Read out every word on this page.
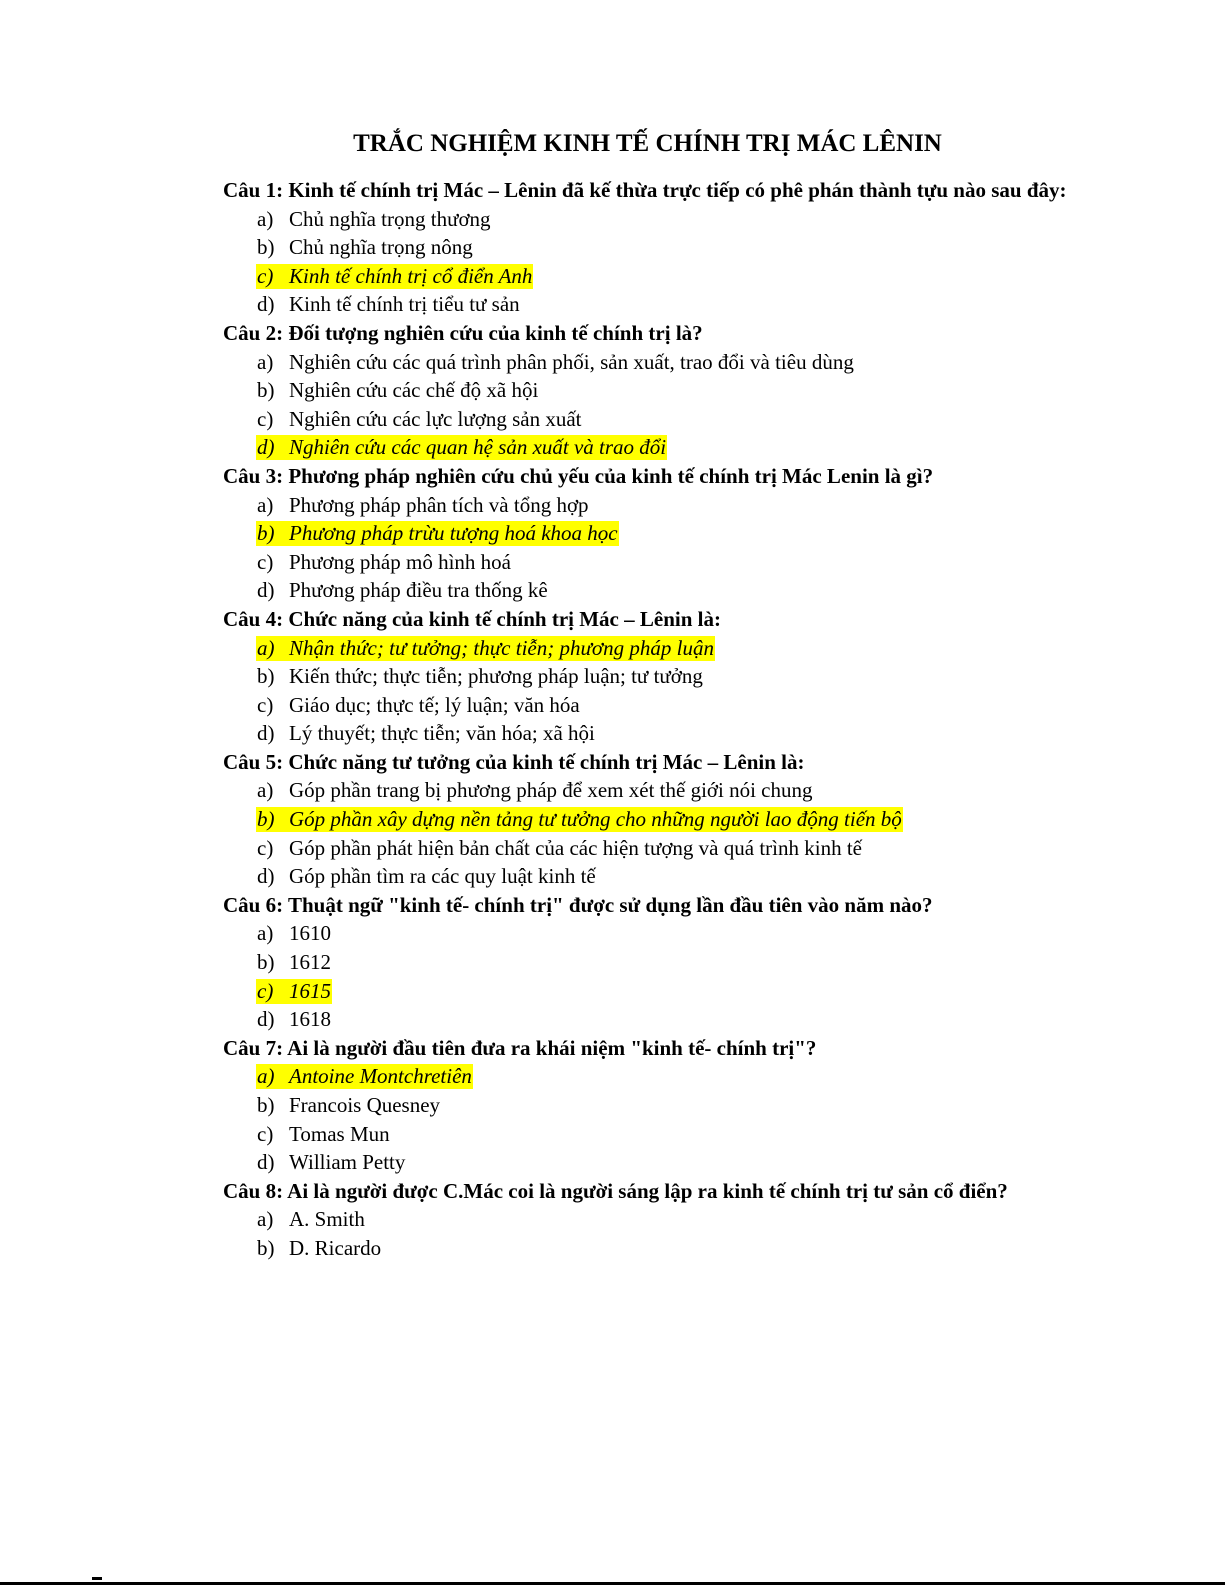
TRẮC NGHIỆM KINH TẾ CHÍNH TRỊ MÁC LÊNIN
Câu 1: Kinh tế chính trị Mác – Lênin đã kế thừa trực tiếp có phê phán thành tựu nào sau đây:
a) Chủ nghĩa trọng thương
b) Chủ nghĩa trọng nông
c) Kinh tế chính trị cổ điển Anh
d) Kinh tế chính trị tiểu tư sản
Câu 2: Đối tượng nghiên cứu của kinh tế chính trị là?
a) Nghiên cứu các quá trình phân phối, sản xuất, trao đổi và tiêu dùng
b) Nghiên cứu các chế độ xã hội
c) Nghiên cứu các lực lượng sản xuất
d) Nghiên cứu các quan hệ sản xuất và trao đổi
Câu 3: Phương pháp nghiên cứu chủ yếu của kinh tế chính trị Mác Lenin là gì?
a) Phương pháp phân tích và tổng hợp
b) Phương pháp trừu tượng hoá khoa học
c) Phương pháp mô hình hoá
d) Phương pháp điều tra thống kê
Câu 4: Chức năng của kinh tế chính trị Mác – Lênin là:
a) Nhận thức; tư tưởng; thực tiễn; phương pháp luận
b) Kiến thức; thực tiễn; phương pháp luận; tư tưởng
c) Giáo dục; thực tế; lý luận; văn hóa
d) Lý thuyết; thực tiễn; văn hóa; xã hội
Câu 5: Chức năng tư tưởng của kinh tế chính trị Mác – Lênin là:
a) Góp phần trang bị phương pháp để xem xét thế giới nói chung
b) Góp phần xây dựng nền tảng tư tưởng cho những người lao động tiến bộ
c) Góp phần phát hiện bản chất của các hiện tượng và quá trình kinh tế
d) Góp phần tìm ra các quy luật kinh tế
Câu 6: Thuật ngữ "kinh tế- chính trị" được sử dụng lần đầu tiên vào năm nào?
a) 1610
b) 1612
c) 1615
d) 1618
Câu 7: Ai là người đầu tiên đưa ra khái niệm "kinh tế- chính trị"?
a) Antoine Montchretiên
b) Francois Quesney
c) Tomas Mun
d) William Petty
Câu 8: Ai là người được C.Mác coi là người sáng lập ra kinh tế chính trị tư sản cổ điển?
a) A. Smith
b) D. Ricardo
